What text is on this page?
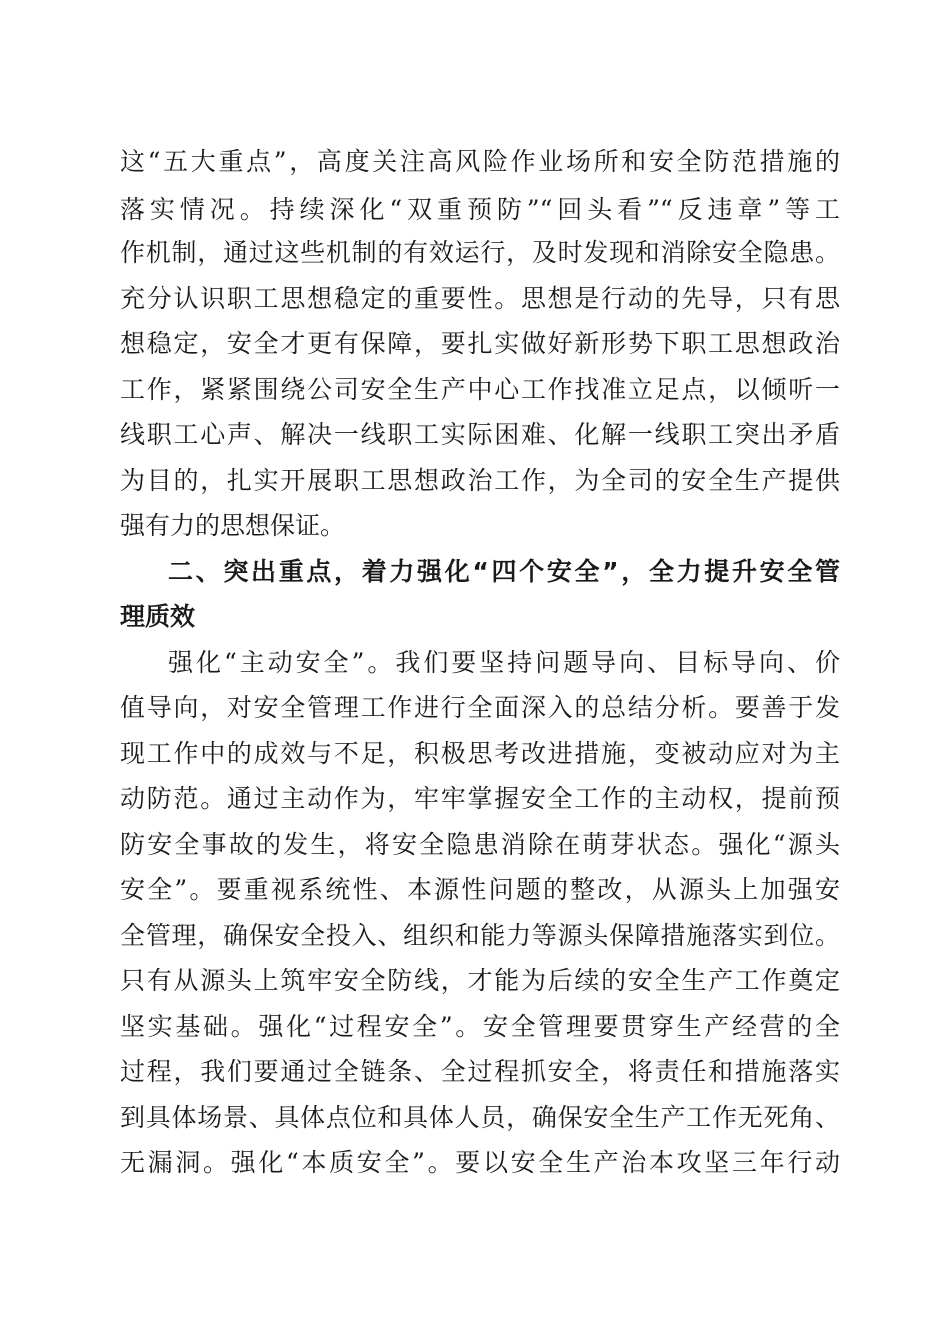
这“五大重点”，高度关注高风险作业场所和安全防范措施的
落实情况。持续深化“双重预防”“回头看”“反违章”等工
作机制，通过这些机制的有效运行，及时发现和消除安全隐患。
充分认识职工思想稳定的重要性。思想是行动的先导，只有思
想稳定，安全才更有保障，要扎实做好新形势下职工思想政治
工作，紧紧围绕公司安全生产中心工作找准立足点，以倾听一
线职工心声、解决一线职工实际困难、化解一线职工突出矛盾
为目的，扎实开展职工思想政治工作，为全司的安全生产提供
强有力的思想保证。
二、突出重点，着力强化“四个安全”，全力提升安全管
理质效
强化“主动安全”。我们要坚持问题导向、目标导向、价
值导向，对安全管理工作进行全面深入的总结分析。要善于发
现工作中的成效与不足，积极思考改进措施，变被动应对为主
动防范。通过主动作为，牢牢掌握安全工作的主动权，提前预
防安全事故的发生，将安全隐患消除在萌芽状态。强化“源头
安全”。要重视系统性、本源性问题的整改，从源头上加强安
全管理，确保安全投入、组织和能力等源头保障措施落实到位。
只有从源头上筑牢安全防线，才能为后续的安全生产工作奠定
坚实基础。强化“过程安全”。安全管理要贯穿生产经营的全
过程，我们要通过全链条、全过程抓安全，将责任和措施落实
到具体场景、具体点位和具体人员，确保安全生产工作无死角、
无漏洞。强化“本质安全”。要以安全生产治本攻坚三年行动
